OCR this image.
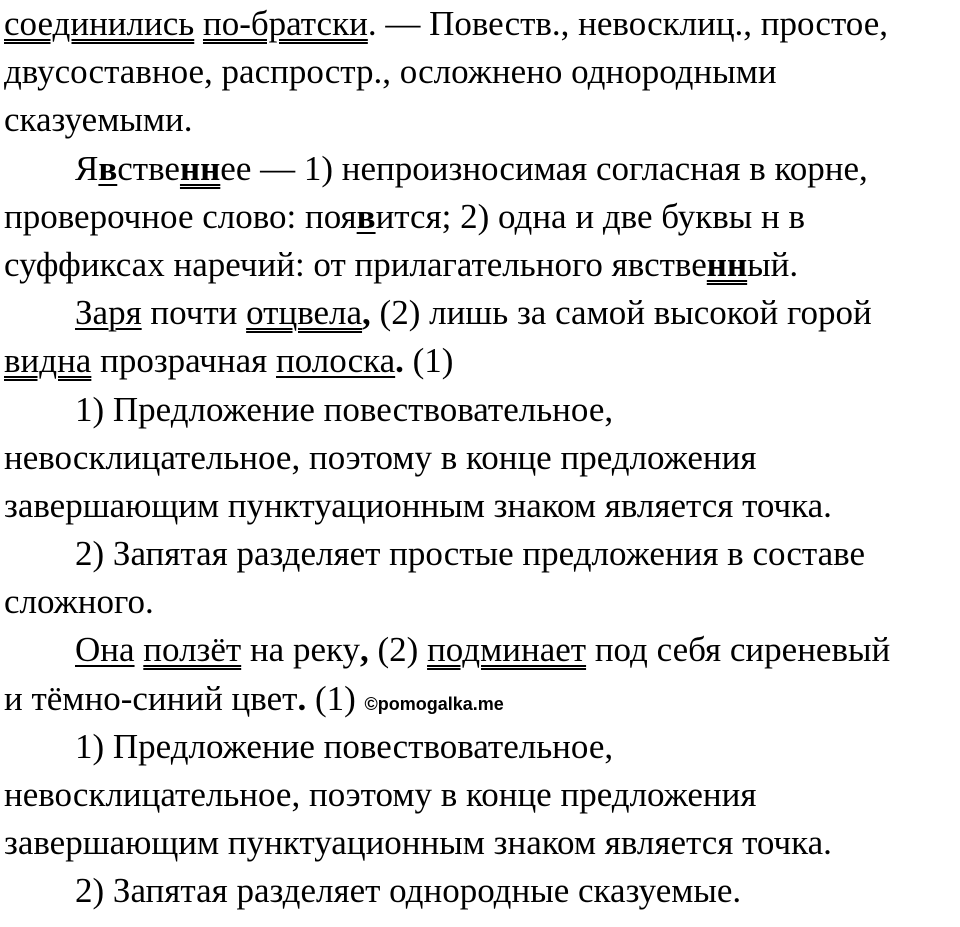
соединились по-братски. — Повеств., невосклиц., простое,
двусоставное, распростр., осложнено однородными
сказуемыми.
Явственнее — 1) непроизносимая согласная в корне,
проверочное слово: появится; 2) одна и две буквы н в
суффиксах наречий: от прилагательного явственный.
Заря почти отцвела, (2) лишь за самой высокой горой
видна прозрачная полоска. (1)
1) Предложение повествовательное,
невосклицательное, поэтому в конце предложения
завершающим пунктуационным знаком является точка.
2) Запятая разделяет простые предложения в составе
сложного.
Она ползёт на реку, (2) подминает под себя сиреневый
и тёмно-синий цвет. (1) ©pomogalka.me
1) Предложение повествовательное,
невосклицательное, поэтому в конце предложения
завершающим пунктуационным знаком является точка.
2) Запятая разделяет однородные сказуемые.
